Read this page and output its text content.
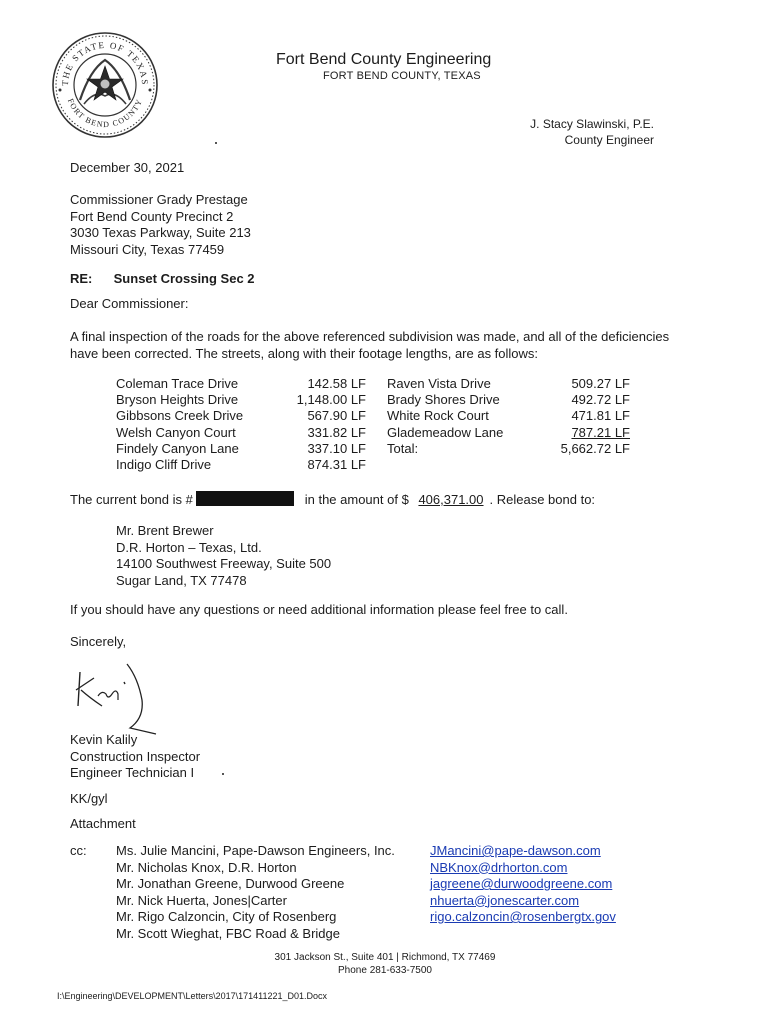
THE STATE OF TEXAS
FORT BEND COUNTY
Fort Bend County Engineering
FORT BEND COUNTY, TEXAS
J. Stacy Slawinski, P.E.
County Engineer
December 30, 2021
Commissioner Grady Prestage
Fort Bend County Precinct 2
3030 Texas Parkway, Suite 213
Missouri City, Texas 77459
RE: Sunset Crossing Sec 2
Dear Commissioner:
A final inspection of the roads for the above referenced subdivision was made, and all of the deficiencies
have been corrected. The streets, along with their footage lengths, are as follows:
Coleman Trace Drive
Bryson Heights Drive
Gibbsons Creek Drive
Welsh Canyon Court
Findely Canyon Lane
Indigo Cliff Drive
142.58 LF
1,148.00 LF
567.90 LF
331.82 LF
337.10 LF
874.31 LF
Raven Vista Drive
Brady Shores Drive
White Rock Court
Glademeadow Lane
Total:
509.27 LF
492.72 LF
471.81 LF
787.21 LF
5,662.72 LF
The current bond is #	in the amount of $ 406,371.00 . Release bond to:
Mr. Brent Brewer
D.R. Horton – Texas, Ltd.
14100 Southwest Freeway, Suite 500
Sugar Land, TX 77478
If you should have any questions or need additional information please feel free to call.
Sincerely,
Kevin Kalily
Construction Inspector
Engineer Technician I
KK/gyl
Attachment
cc: Ms. Julie Mancini, Pape-Dawson Engineers, Inc.
Mr. Nicholas Knox, D.R. Horton
Mr. Jonathan Greene, Durwood Greene
Mr. Nick Huerta, Jones|Carter
Mr. Rigo Calzoncin, City of Rosenberg
Mr. Scott Wieghat, FBC Road & Bridge
JMancini@pape-dawson.com
NBKnox@drhorton.com
jagreene@durwoodgreene.com
nhuerta@jonescarter.com
rigo.calzoncin@rosenbergtx.gov
301 Jackson St., Suite 401 | Richmond, TX 77469
Phone 281-633-7500
I:\Engineering\DEVELOPMENT\Letters\2017\171411221_D01.Docx
